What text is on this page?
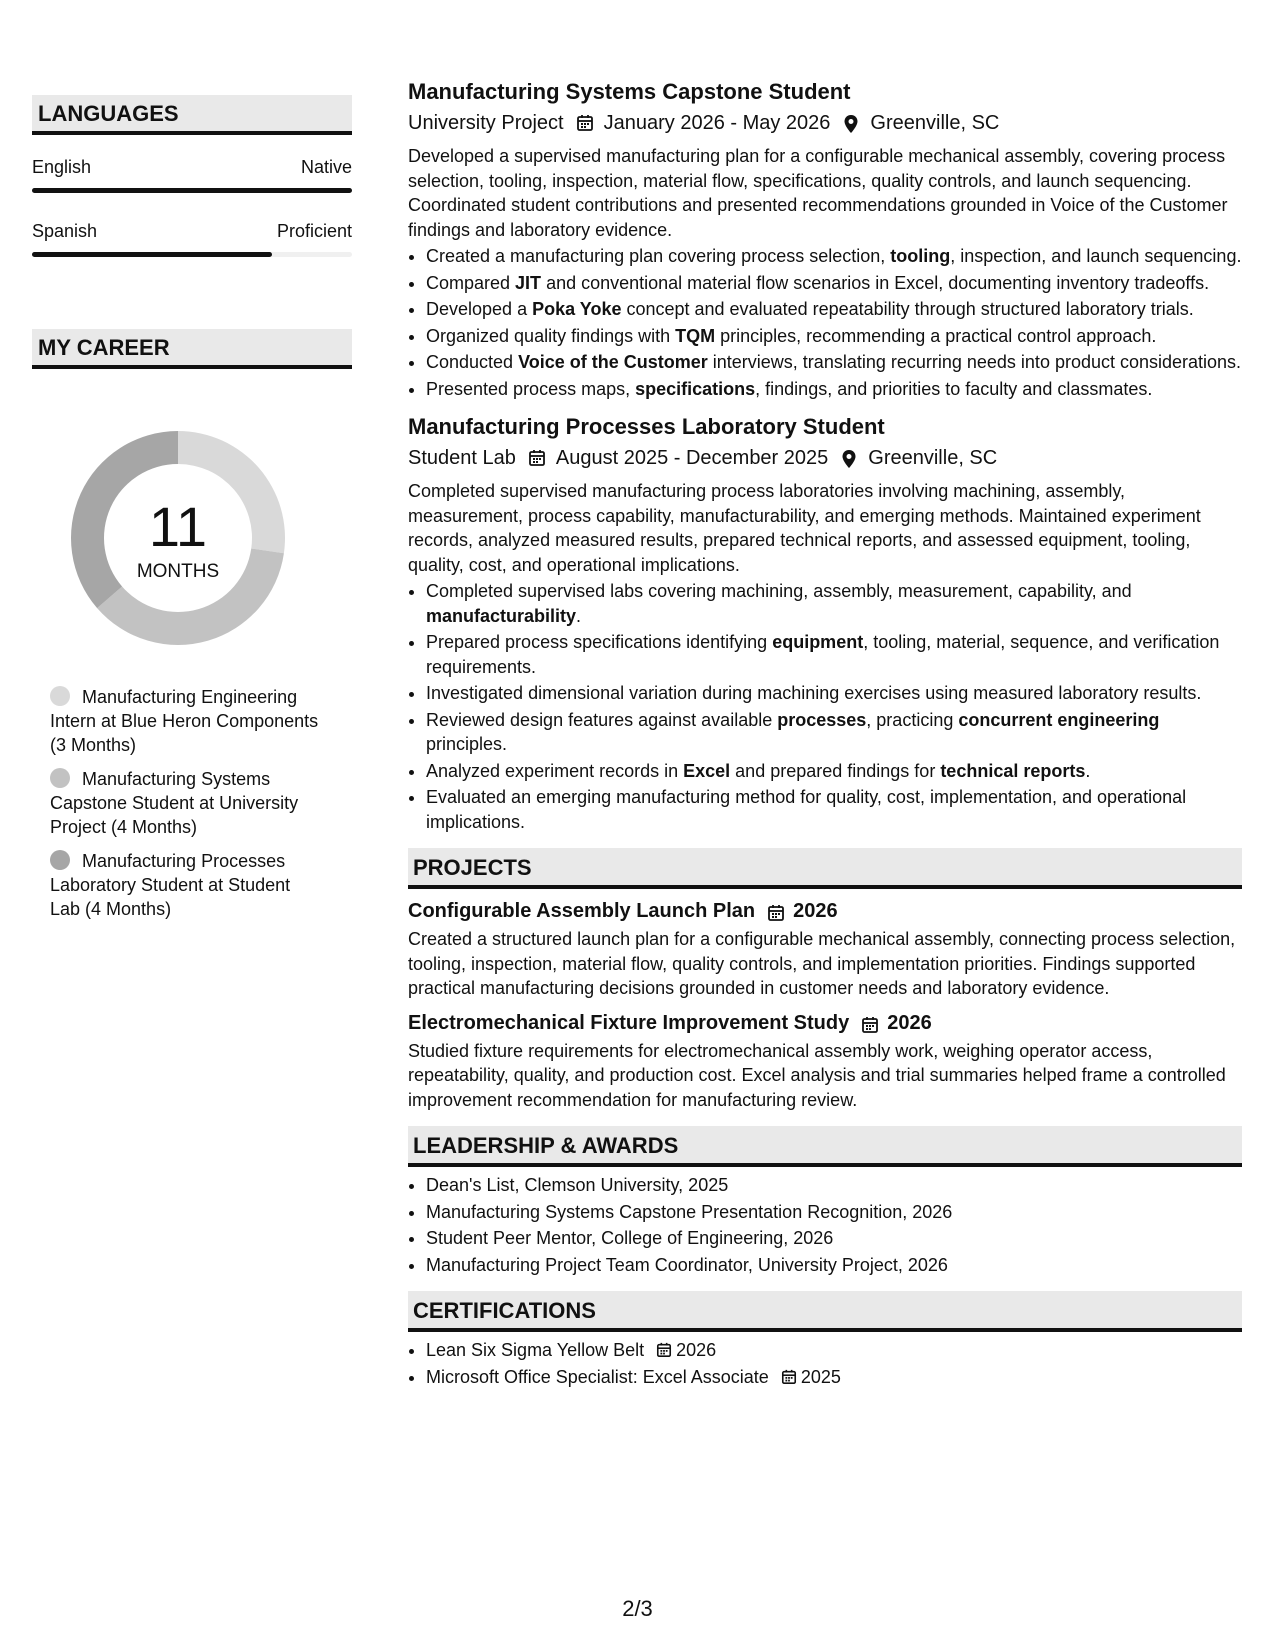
LANGUAGES
English	Native
Spanish	Proficient
MY CAREER
11
MONTHS
Manufacturing Engineering Intern at Blue Heron Components (3 Months)
Manufacturing Systems Capstone Student at University Project (4 Months)
Manufacturing Processes Laboratory Student at Student Lab (4 Months)
Manufacturing Systems Capstone Student
University Project January 2026 - May 2026 Greenville, SC
Developed a supervised manufacturing plan for a configurable mechanical assembly, covering process selection, tooling, inspection, material flow, specifications, quality controls, and launch sequencing. Coordinated student contributions and presented recommendations grounded in Voice of the Customer findings and laboratory evidence.
• Created a manufacturing plan covering process selection, tooling, inspection, and launch sequencing.
• Compared JIT and conventional material flow scenarios in Excel, documenting inventory tradeoffs.
• Developed a Poka Yoke concept and evaluated repeatability through structured laboratory trials.
• Organized quality findings with TQM principles, recommending a practical control approach.
• Conducted Voice of the Customer interviews, translating recurring needs into product considerations.
• Presented process maps, specifications, findings, and priorities to faculty and classmates.
Manufacturing Processes Laboratory Student
Student Lab August 2025 - December 2025 Greenville, SC
Completed supervised manufacturing process laboratories involving machining, assembly, measurement, process capability, manufacturability, and emerging methods. Maintained experiment records, analyzed measured results, prepared technical reports, and assessed equipment, tooling, quality, cost, and operational implications.
• Completed supervised labs covering machining, assembly, measurement, capability, and manufacturability.
• Prepared process specifications identifying equipment, tooling, material, sequence, and verification requirements.
• Investigated dimensional variation during machining exercises using measured laboratory results.
• Reviewed design features against available processes, practicing concurrent engineering principles.
• Analyzed experiment records in Excel and prepared findings for technical reports.
• Evaluated an emerging manufacturing method for quality, cost, implementation, and operational implications.
PROJECTS
Configurable Assembly Launch Plan 2026
Created a structured launch plan for a configurable mechanical assembly, connecting process selection, tooling, inspection, material flow, quality controls, and implementation priorities. Findings supported practical manufacturing decisions grounded in customer needs and laboratory evidence.
Electromechanical Fixture Improvement Study 2026
Studied fixture requirements for electromechanical assembly work, weighing operator access, repeatability, quality, and production cost. Excel analysis and trial summaries helped frame a controlled improvement recommendation for manufacturing review.
LEADERSHIP & AWARDS
• Dean's List, Clemson University, 2025
• Manufacturing Systems Capstone Presentation Recognition, 2026
• Student Peer Mentor, College of Engineering, 2026
• Manufacturing Project Team Coordinator, University Project, 2026
CERTIFICATIONS
• Lean Six Sigma Yellow Belt 2026
• Microsoft Office Specialist: Excel Associate 2025
2/3
